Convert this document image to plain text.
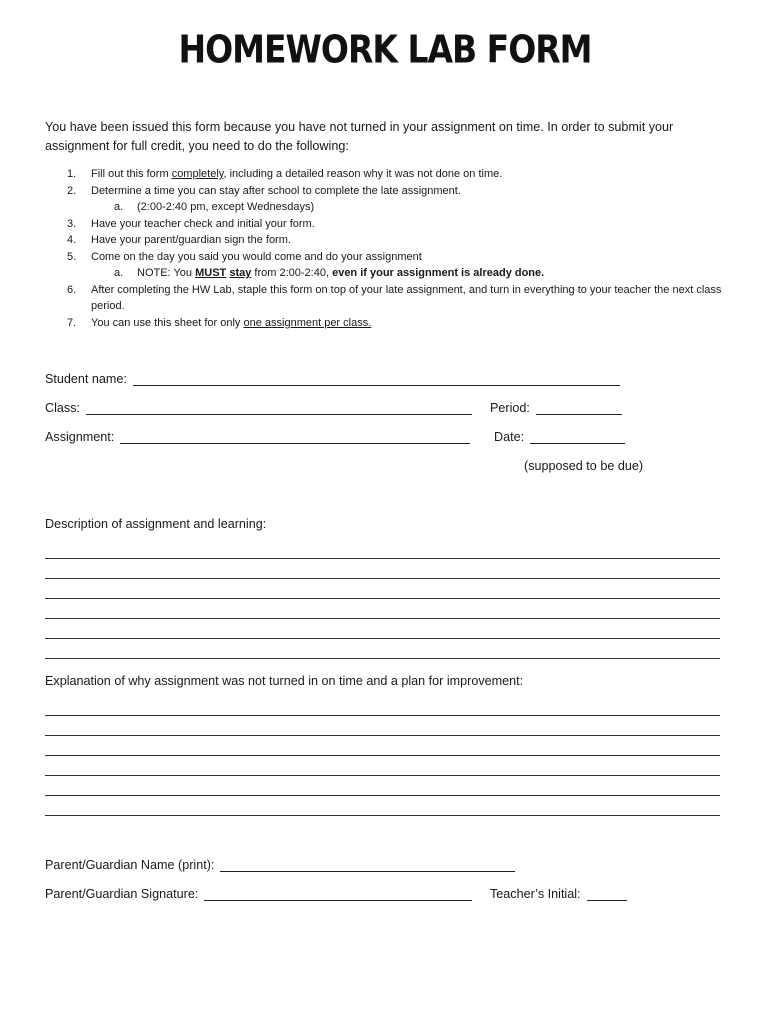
HOMEWORK LAB FORM
You have been issued this form because you have not turned in your assignment on time. In order to submit your assignment for full credit, you need to do the following:
1. Fill out this form completely, including a detailed reason why it was not done on time.
2. Determine a time you can stay after school to complete the late assignment.
a. (2:00-2:40 pm, except Wednesdays)
3. Have your teacher check and initial your form.
4. Have your parent/guardian sign the form.
5. Come on the day you said you would come and do your assignment
a. NOTE: You MUST stay from 2:00-2:40, even if your assignment is already done.
6. After completing the HW Lab, staple this form on top of your late assignment, and turn in everything to your teacher the next class period.
7. You can use this sheet for only one assignment per class.
Student name:
Class:	Period:
Assignment:	Date:
(supposed to be due)
Description of assignment and learning:
Explanation of why assignment was not turned in on time and a plan for improvement:
Parent/Guardian Name (print):
Parent/Guardian Signature:	Teacher’s Initial:
